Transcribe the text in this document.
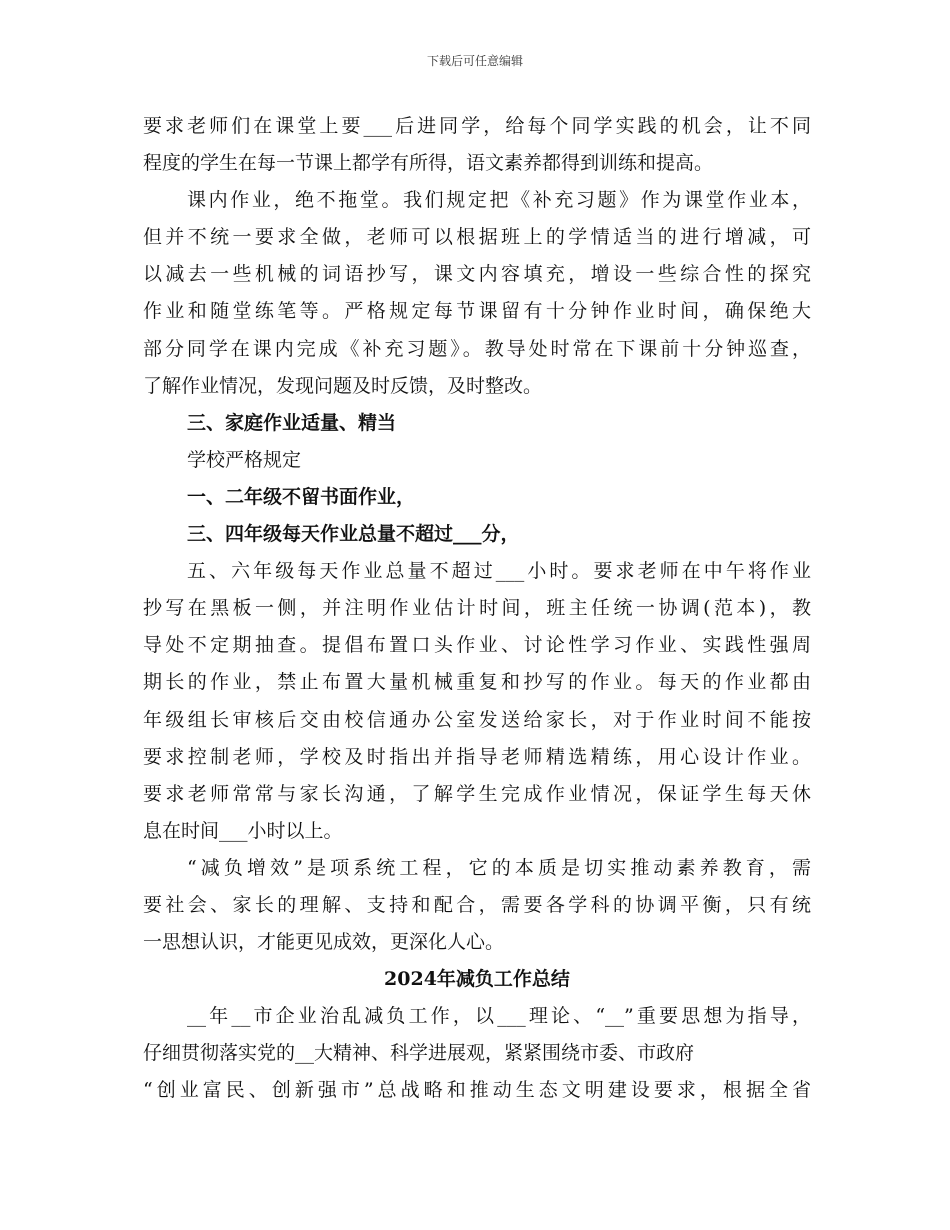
下载后可任意编辑
要求老师们在课堂上要___后进同学，给每个同学实践的机会，让不同
程度的学生在每一节课上都学有所得，语文素养都得到训练和提高。
课内作业，绝不拖堂。我们规定把《补充习题》作为课堂作业本，
但并不统一要求全做，老师可以根据班上的学情适当的进行增减，可
以减去一些机械的词语抄写，课文内容填充，增设一些综合性的探究
作业和随堂练笔等。严格规定每节课留有十分钟作业时间，确保绝大
部分同学在课内完成《补充习题》。教导处时常在下课前十分钟巡查，
了解作业情况，发现问题及时反馈，及时整改。
三、家庭作业适量、精当
学校严格规定
一、二年级不留书面作业，
三、四年级每天作业总量不超过___分，
五、六年级每天作业总量不超过___小时。要求老师在中午将作业
抄写在黑板一侧，并注明作业估计时间，班主任统一协调(范本)，教
导处不定期抽查。提倡布置口头作业、讨论性学习作业、实践性强周
期长的作业，禁止布置大量机械重复和抄写的作业。每天的作业都由
年级组长审核后交由校信通办公室发送给家长，对于作业时间不能按
要求控制老师，学校及时指出并指导老师精选精练，用心设计作业。
要求老师常常与家长沟通，了解学生完成作业情况，保证学生每天休
息在时间___小时以上。
“减负增效”是项系统工程，它的本质是切实推动素养教育，需
要社会、家长的理解、支持和配合，需要各学科的协调平衡，只有统
一思想认识，才能更见成效，更深化人心。
2024年减负工作总结
__年__市企业治乱减负工作，以___理论、“__”重要思想为指导，
仔细贯彻落实党的__大精神、科学进展观，紧紧围绕市委、市政府
“创业富民、创新强市”总战略和推动生态文明建设要求，根据全省
